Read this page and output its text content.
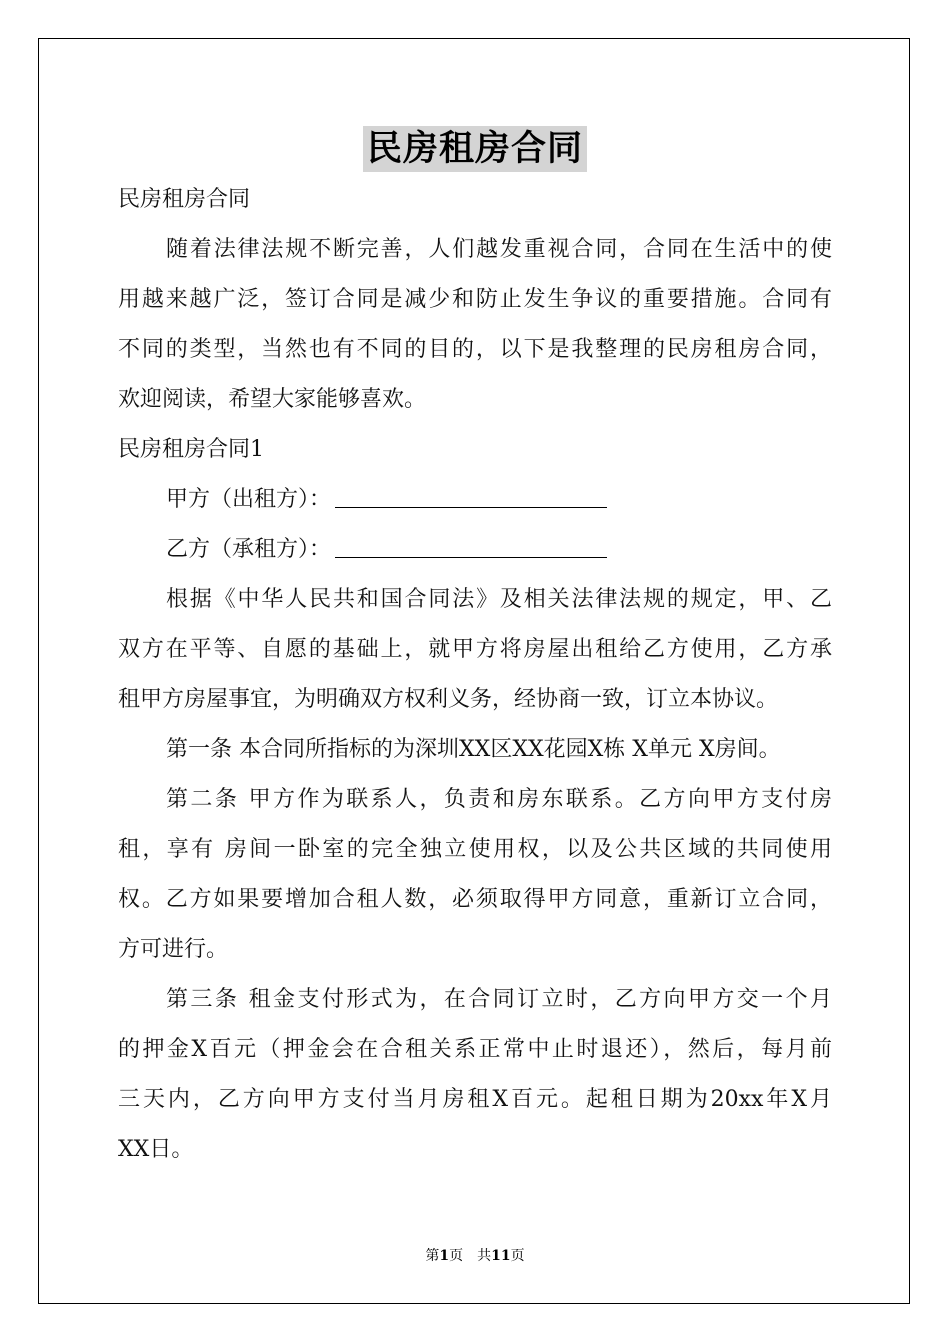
民房租房合同
民房租房合同
随着法律法规不断完善，人们越发重视合同，合同在生活中的使
用越来越广泛，签订合同是减少和防止发生争议的重要措施。合同有
不同的类型，当然也有不同的目的，以下是我整理的民房租房合同，
欢迎阅读，希望大家能够喜欢。
民房租房合同1
甲方（出租方）：
乙方（承租方）：
根据《中华人民共和国合同法》及相关法律法规的规定，甲、乙
双方在平等、自愿的基础上，就甲方将房屋出租给乙方使用，乙方承
租甲方房屋事宜，为明确双方权利义务，经协商一致，订立本协议。
第一条 本合同所指标的为深圳XX区XX花园X栋 X单元 X房间。
第二条 甲方作为联系人，负责和房东联系。乙方向甲方支付房
租，享有 房间一卧室的完全独立使用权，以及公共区域的共同使用
权。乙方如果要增加合租人数，必须取得甲方同意，重新订立合同，
方可进行。
第三条 租金支付形式为，在合同订立时，乙方向甲方交一个月
的押金X百元（押金会在合租关系正常中止时退还），然后，每月前
三天内，乙方向甲方支付当月房租X百元。起租日期为20xx年X月
XX日。
第1页　共11页
